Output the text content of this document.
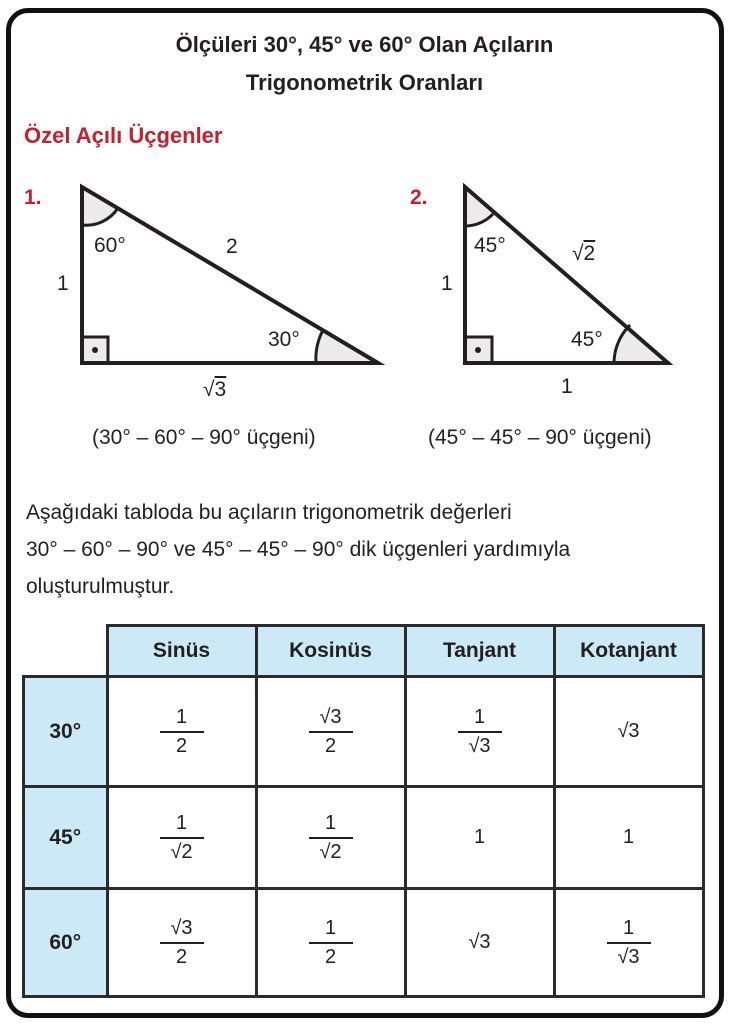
Ölçüleri 30°, 45° ve 60° Olan Açıların
Trigonometrik Oranları
Özel Açılı Üçgenler
1.
60°	2
1
30°
√3
(30° – 60° – 90° üçgeni)
2.
45°	√2
1
45°
1
(45° – 45° – 90° üçgeni)
Aşağıdaki tabloda bu açıların trigonometrik değerleri
30° – 60° – 90° ve 45° – 45° – 90° dik üçgenleri yardımıyla
oluşturulmuştur.
	Sinüs	Kosinüs	Tanjant	Kotanjant
30°	$\frac{1}{2}$	$\frac{√3}{2}$	$\frac{1}{√3}$	√3
45°	$\frac{1}{√2}$	$\frac{1}{√2}$	1	1
60°	$\frac{√3}{2}$	$\frac{1}{2}$	√3	$\frac{1}{√3}$
